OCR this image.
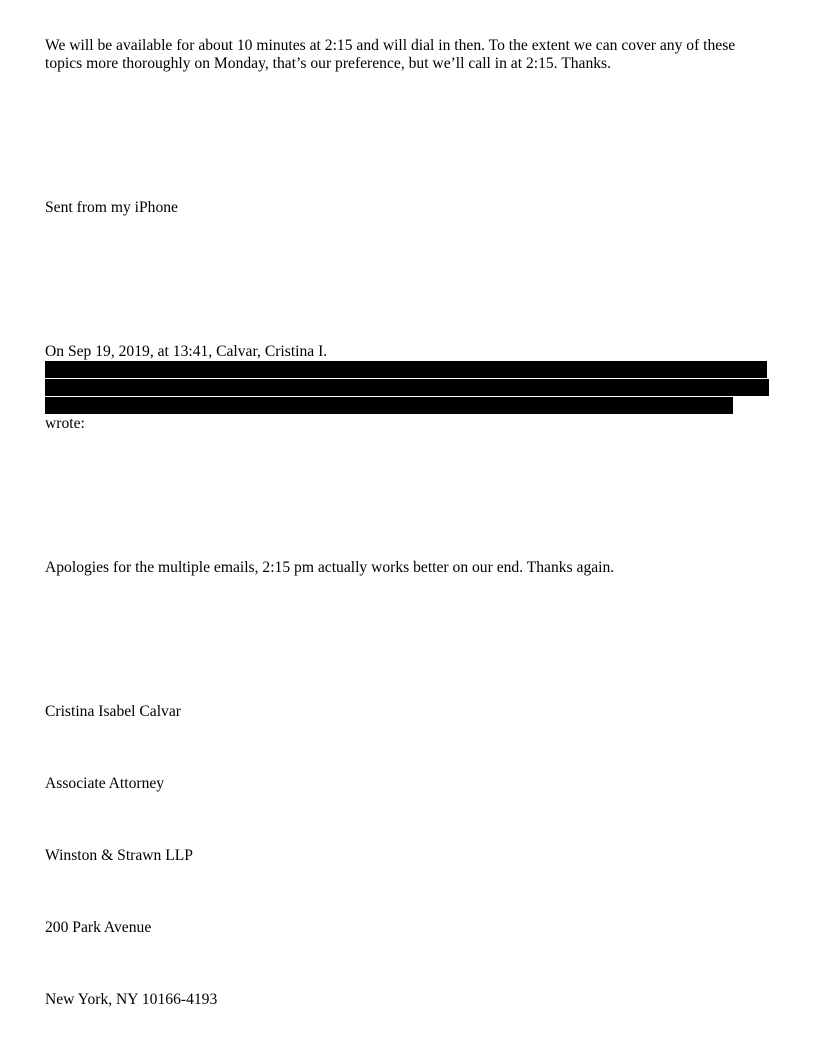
We will be available for about 10 minutes at 2:15 and will dial in then. To the extent we can cover any of these topics more thoroughly on Monday, that’s our preference, but we’ll call in at 2:15. Thanks.

Sent from my iPhone

On Sep 19, 2019, at 13:41, Calvar, Cristina I.

wrote:

Apologies for the multiple emails, 2:15 pm actually works better on our end. Thanks again.

Cristina Isabel Calvar

Associate Attorney

Winston & Strawn LLP

200 Park Avenue

New York, NY 10166-4193
